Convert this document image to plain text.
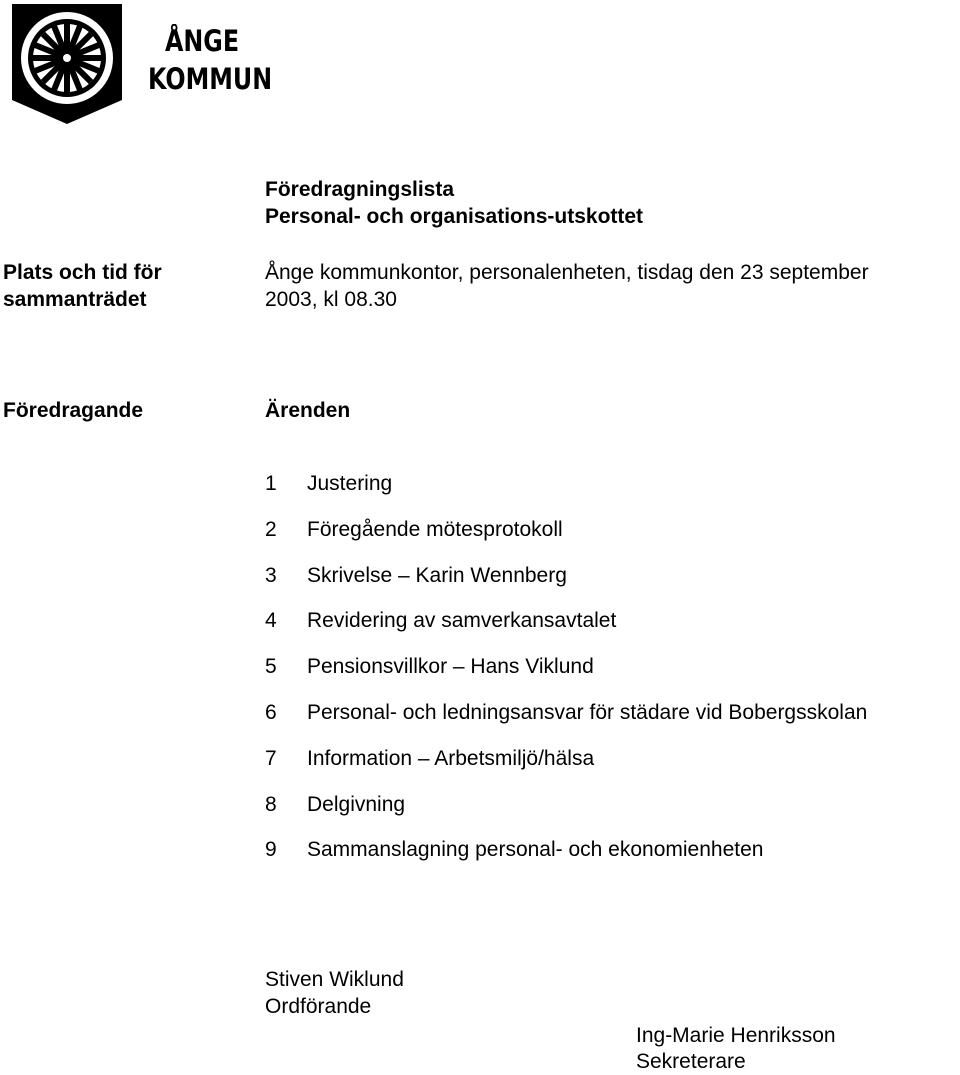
ÅNGE
KOMMUN
Föredragningslista
Personal- och organisations-utskottet
Plats och tid för
sammanträdet
Ånge kommunkontor, personalenheten, tisdag den 23 september
2003, kl 08.30
Föredragande	Ärenden
1 Justering
2 Föregående mötesprotokoll
3 Skrivelse – Karin Wennberg
4 Revidering av samverkansavtalet
5 Pensionsvillkor – Hans Viklund
6 Personal- och ledningsansvar för städare vid Bobergsskolan
7 Information – Arbetsmiljö/hälsa
8 Delgivning
9 Sammanslagning personal- och ekonomienheten
Stiven Wiklund
Ordförande
Ing-Marie Henriksson
Sekreterare
